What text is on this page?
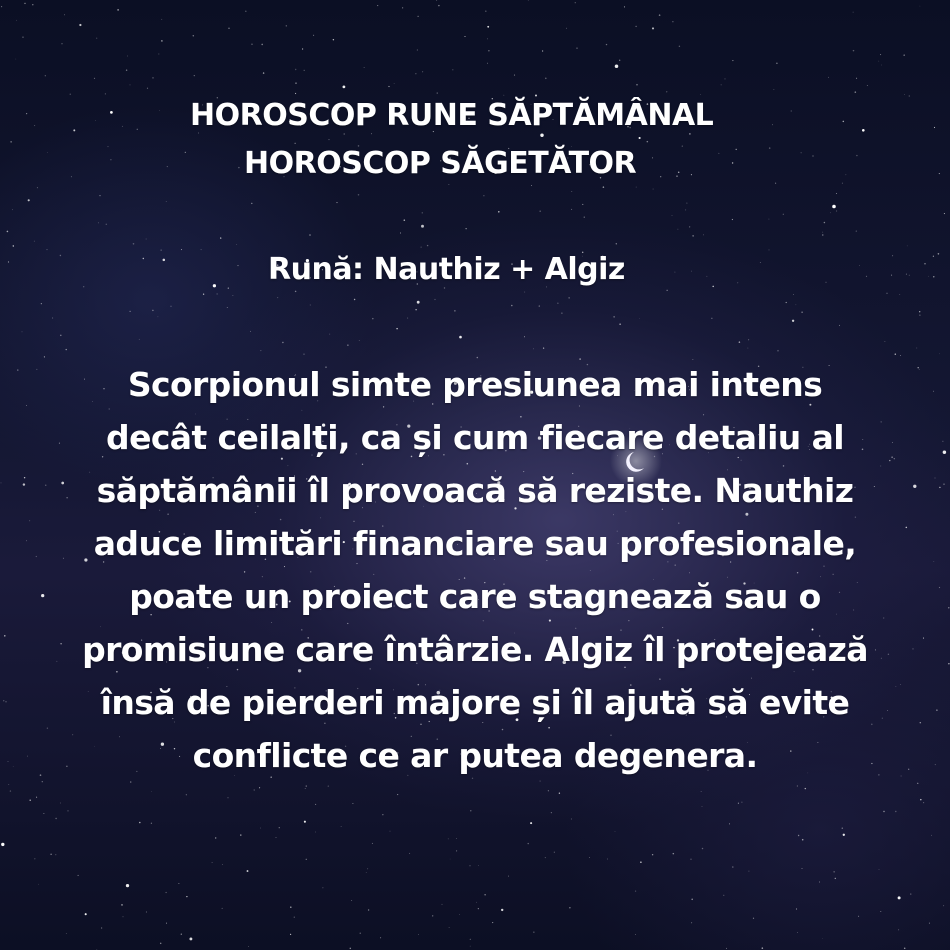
HOROSCOP RUNE SĂPTĂMÂNAL
HOROSCOP SĂGETĂTOR
Rună: Nauthiz + Algiz
Scorpionul simte presiunea mai intens
decât ceilalți, ca și cum fiecare detaliu al
săptămânii îl provoacă să reziste. Nauthiz
aduce limitări financiare sau profesionale,
poate un proiect care stagnează sau o
promisiune care întârzie. Algiz îl protejează
însă de pierderi majore și îl ajută să evite
conflicte ce ar putea degenera.
